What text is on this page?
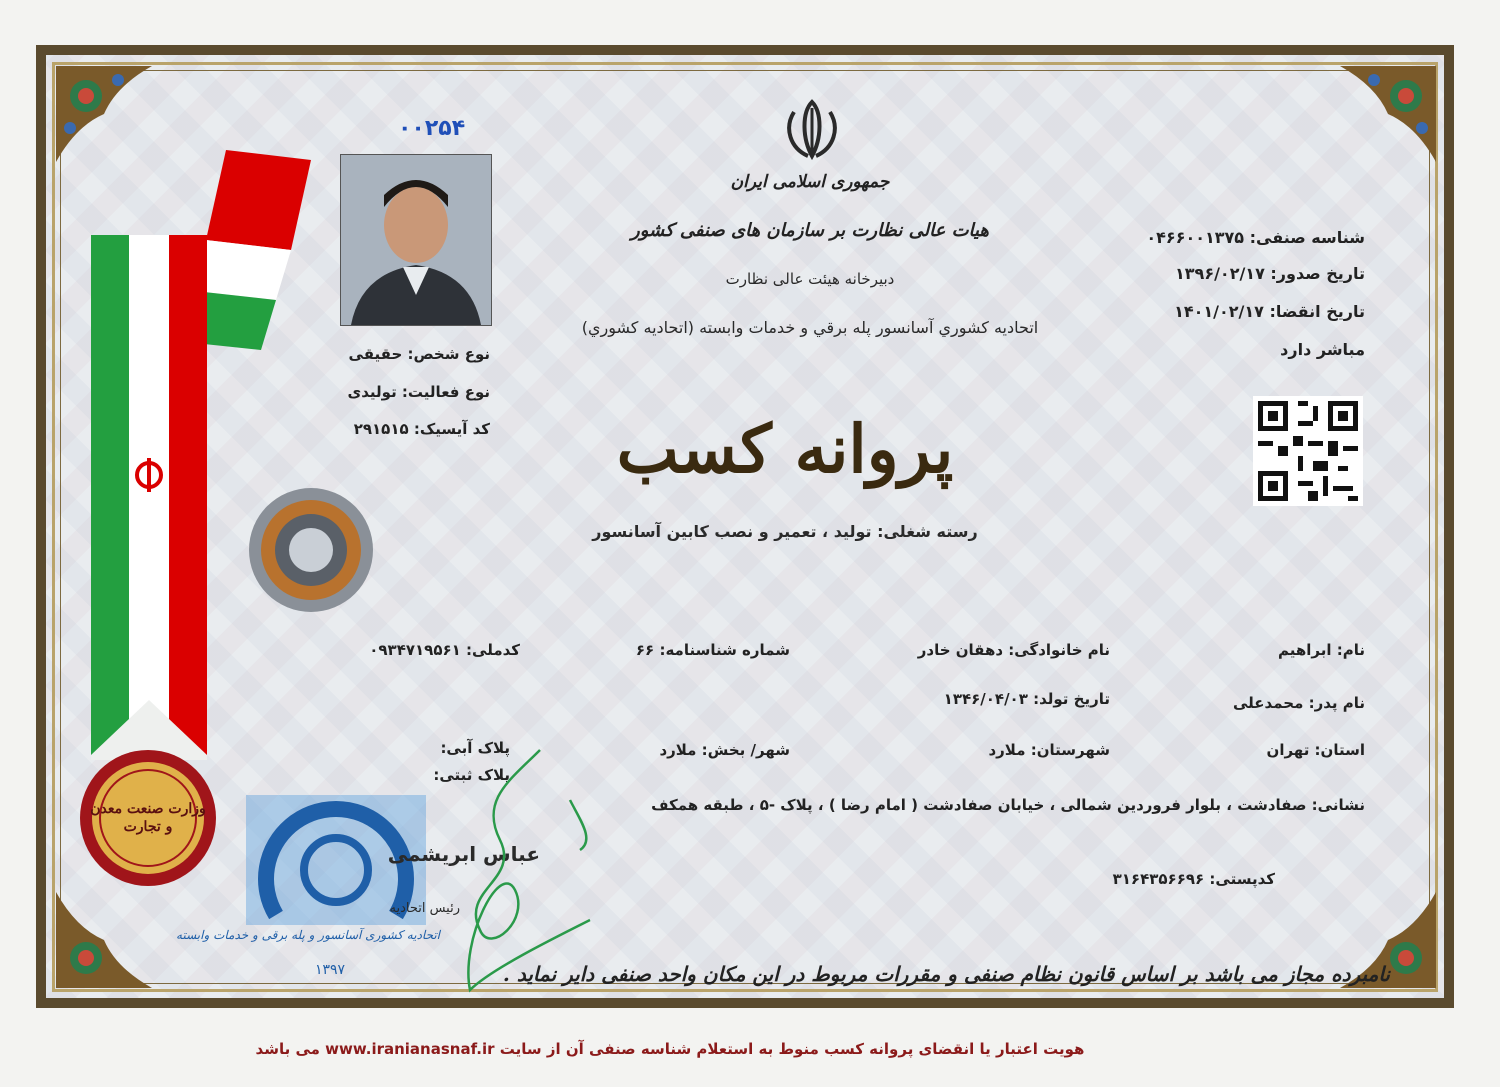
وزارت صنعت معدن و تجارت
۰۰۲۵۴
جمهوری اسلامی ایران
هیات عالی نظارت بر سازمان های صنفی کشور
دبیرخانه هیئت عالی نظارت
اتحاديه كشوري آسانسور پله برقي و خدمات وابسته (اتحاديه كشوري)
پروانه کسب
رسته شغلی: تولید ، تعمیر و نصب کابین آسانسور
نوع شخص: حقیقی
نوع فعالیت: تولیدی
کد آیسیک: ۲۹۱۵۱۵
شناسه صنفی: ۰۴۶۶۰۰۱۳۷۵
تاریخ صدور: ۱۳۹۶/۰۲/۱۷
تاریخ انقضا: ۱۴۰۱/۰۲/۱۷
مباشر دارد
نام: ابراهیم
نام خانوادگی: دهقان خادر
شماره شناسنامه: ۶۶
کدملی: ۰۹۳۴۷۱۹۵۶۱
نام پدر: محمدعلی
تاریخ تولد: ۱۳۴۶/۰۴/۰۳
استان: تهران
شهرستان: ملارد
شهر/ بخش: ملارد
پلاک آبی:
پلاک ثبتی:
نشانی: صفادشت ، بلوار فروردین شمالی ، خیابان صفادشت ( امام رضا ) ، پلاک -۵ ، طبقه همکف
کدپستی: ۳۱۶۴۳۵۶۶۹۶
اتحادیه کشوری آسانسور و پله برقی و خدمات وابسته
۱۳۹۷
عباس ابریشمی
رئیس اتحادیه
نامبرده مجاز می باشد بر اساس قانون نظام صنفی و مقررات مربوط در این مکان واحد صنفی دایر نماید .
هویت اعتبار یا انقضای پروانه کسب منوط به استعلام شناسه صنفی آن از سایت www.iranianasnaf.ir می باشد
